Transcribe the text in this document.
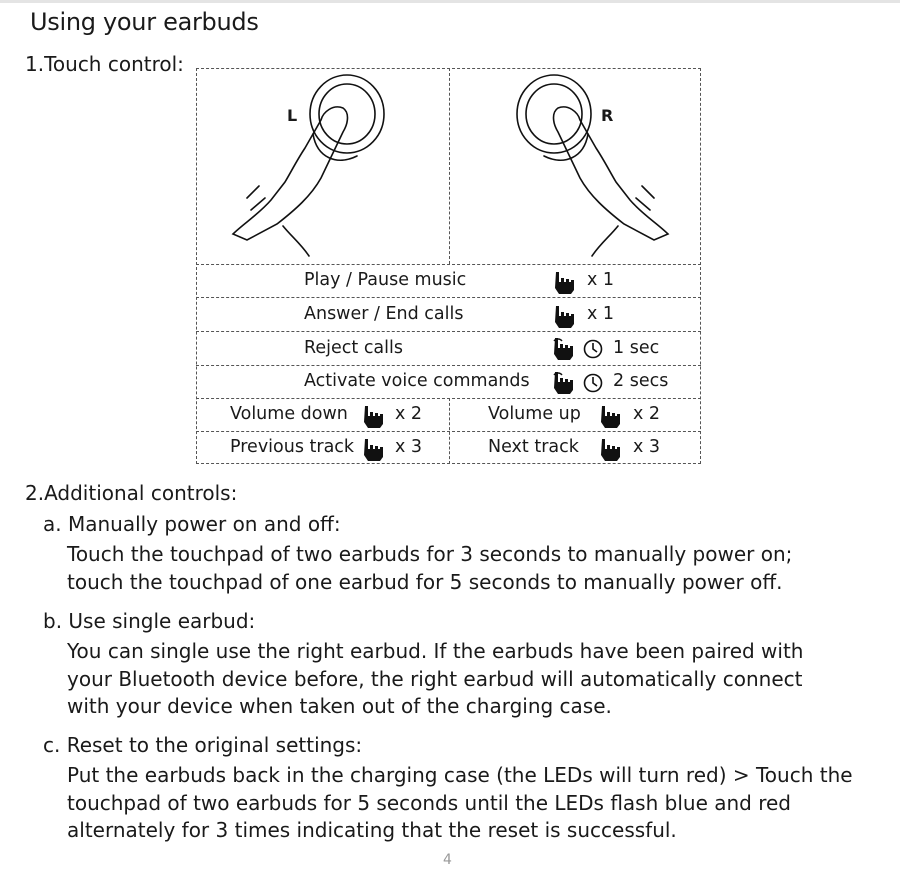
Using your earbuds
1.Touch control:
L	R
Play / Pause music	x 1
Answer / End calls	x 1
Reject calls	1 sec
Activate voice commands	2 secs
Volume down	x 2	Volume up	x 2
Previous track x 3	Next track	x 3
2.Additional controls:
a. Manually power on and off:
Touch the touchpad of two earbuds for 3 seconds to manually power on;
touch the touchpad of one earbud for 5 seconds to manually power off.
b. Use single earbud:
You can single use the right earbud. If the earbuds have been paired with
your Bluetooth device before, the right earbud will automatically connect
with your device when taken out of the charging case.
c. Reset to the original settings:
Put the earbuds back in the charging case (the LEDs will turn red) > Touch the
touchpad of two earbuds for 5 seconds until the LEDs flash blue and red
alternately for 3 times indicating that the reset is successful.
4
